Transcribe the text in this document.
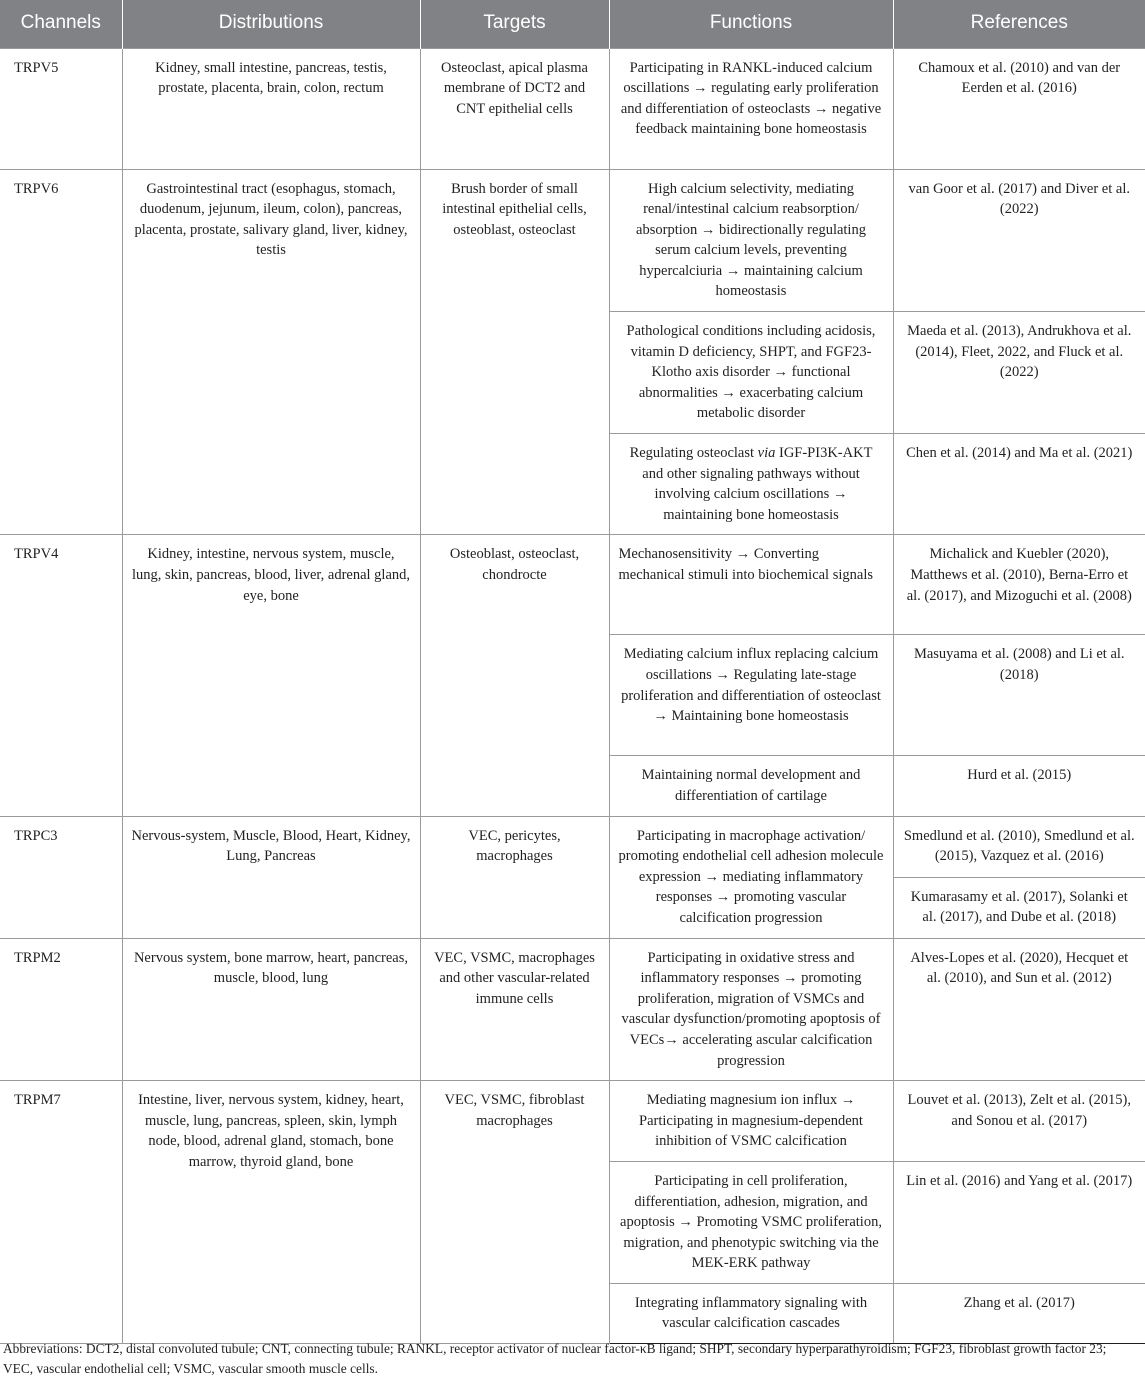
Channels	Distributions	Targets	Functions	References
TRPV5	Kidney, small intestine, pancreas, testis, prostate, placenta, brain, colon, rectum	Osteoclast, apical plasma membrane of DCT2 and CNT epithelial cells	Participating in RANKL-induced calcium oscillations → regulating early proliferation and differentiation of osteoclasts → negative feedback maintaining bone homeostasis	Chamoux et al. (2010) and van der Eerden et al. (2016)
TRPV6	Gastrointestinal tract (esophagus, stomach, duodenum, jejunum, ileum, colon), pancreas, placenta, prostate, salivary gland, liver, kidney, testis	Brush border of small intestinal epithelial cells, osteoblast, osteoclast	High calcium selectivity, mediating renal/intestinal calcium reabsorption/ absorption → bidirectionally regulating serum calcium levels, preventing hypercalciuria → maintaining calcium homeostasis	van Goor et al. (2017) and Diver et al. (2022)
			Pathological conditions including acidosis, vitamin D deficiency, SHPT, and FGF23-Klotho axis disorder → functional abnormalities → exacerbating calcium metabolic disorder	Maeda et al. (2013), Andrukhova et al. (2014), Fleet, 2022, and Fluck et al. (2022)
			Regulating osteoclast via IGF-PI3K-AKT and other signaling pathways without involving calcium oscillations → maintaining bone homeostasis	Chen et al. (2014) and Ma et al. (2021)
TRPV4	Kidney, intestine, nervous system, muscle, lung, skin, pancreas, blood, liver, adrenal gland, eye, bone	Osteoblast, osteoclast, chondrocte	Mechanosensitivity → Converting mechanical stimuli into biochemical signals	Michalick and Kuebler (2020), Matthews et al. (2010), Berna-Erro et al. (2017), and Mizoguchi et al. (2008)
			Mediating calcium influx replacing calcium oscillations → Regulating late-stage proliferation and differentiation of osteoclast → Maintaining bone homeostasis	Masuyama et al. (2008) and Li et al. (2018)
			Maintaining normal development and differentiation of cartilage	Hurd et al. (2015)
TRPC3	Nervous-system, Muscle, Blood, Heart, Kidney, Lung, Pancreas	VEC, pericytes, macrophages	Participating in macrophage activation/ promoting endothelial cell adhesion molecule expression → mediating inflammatory responses → promoting vascular calcification progression	Smedlund et al. (2010), Smedlund et al. (2015), Vazquez et al. (2016)
				Kumarasamy et al. (2017), Solanki et al. (2017), and Dube et al. (2018)
TRPM2	Nervous system, bone marrow, heart, pancreas, muscle, blood, lung	VEC, VSMC, macrophages and other vascular-related immune cells	Participating in oxidative stress and inflammatory responses → promoting proliferation, migration of VSMCs and vascular dysfunction/promoting apoptosis of VECs→ accelerating ascular calcification progression	Alves-Lopes et al. (2020), Hecquet et al. (2010), and Sun et al. (2012)
TRPM7	Intestine, liver, nervous system, kidney, heart, muscle, lung, pancreas, spleen, skin, lymph node, blood, adrenal gland, stomach, bone marrow, thyroid gland, bone	VEC, VSMC, fibroblast macrophages	Mediating magnesium ion influx → Participating in magnesium-dependent inhibition of VSMC calcification	Louvet et al. (2013), Zelt et al. (2015), and Sonou et al. (2017)
			Participating in cell proliferation, differentiation, adhesion, migration, and apoptosis → Promoting VSMC proliferation, migration, and phenotypic switching via the MEK-ERK pathway	Lin et al. (2016) and Yang et al. (2017)
			Integrating inflammatory signaling with vascular calcification cascades	Zhang et al. (2017)
Abbreviations: DCT2, distal convoluted tubule; CNT, connecting tubule; RANKL, receptor activator of nuclear factor-κB ligand; SHPT, secondary hyperparathyroidism; FGF23, fibroblast growth factor 23; VEC, vascular endothelial cell; VSMC, vascular smooth muscle cells.
